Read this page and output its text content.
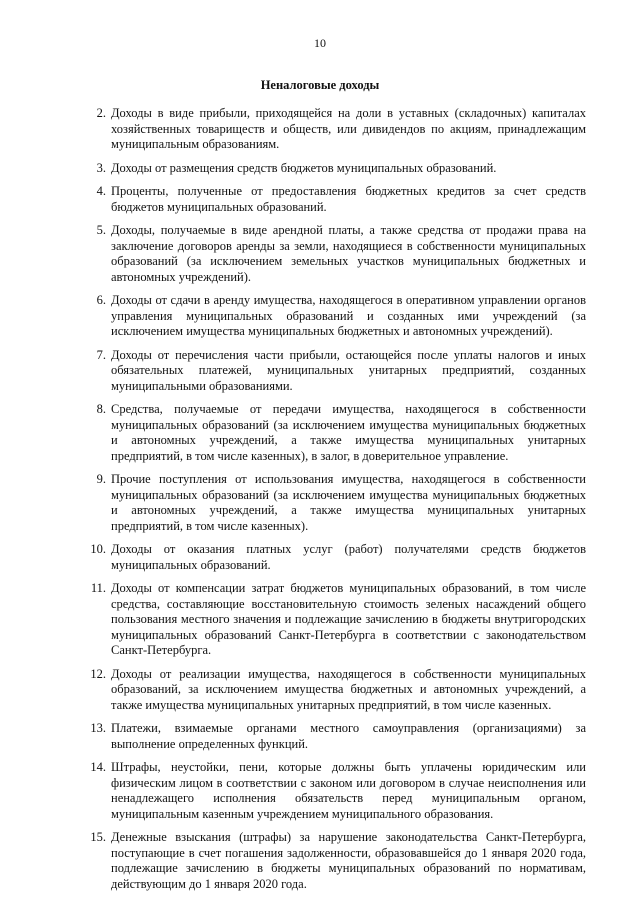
10
Неналоговые доходы
2. Доходы в виде прибыли, приходящейся на доли в уставных (складочных) капиталах хозяйственных товариществ и обществ, или дивидендов по акциям, принадлежащим муниципальным образованиям.
3. Доходы от размещения средств бюджетов муниципальных образований.
4. Проценты, полученные от предоставления бюджетных кредитов за счет средств бюджетов муниципальных образований.
5. Доходы, получаемые в виде арендной платы, а также средства от продажи права на заключение договоров аренды за земли, находящиеся в собственности муниципальных образований (за исключением земельных участков муниципальных бюджетных и автономных учреждений).
6. Доходы от сдачи в аренду имущества, находящегося в оперативном управлении органов управления муниципальных образований и созданных ими учреждений (за исключением имущества муниципальных бюджетных и автономных учреждений).
7. Доходы от перечисления части прибыли, остающейся после уплаты налогов и иных обязательных платежей, муниципальных унитарных предприятий, созданных муниципальными образованиями.
8. Средства, получаемые от передачи имущества, находящегося в собственности муниципальных образований (за исключением имущества муниципальных бюджетных и автономных учреждений, а также имущества муниципальных унитарных предприятий, в том числе казенных), в залог, в доверительное управление.
9. Прочие поступления от использования имущества, находящегося в собственности муниципальных образований (за исключением имущества муниципальных бюджетных и автономных учреждений, а также имущества муниципальных унитарных предприятий, в том числе казенных).
10. Доходы от оказания платных услуг (работ) получателями средств бюджетов муниципальных образований.
11. Доходы от компенсации затрат бюджетов муниципальных образований, в том числе средства, составляющие восстановительную стоимость зеленых насаждений общего пользования местного значения и подлежащие зачислению в бюджеты внутригородских муниципальных образований Санкт-Петербурга в соответствии с законодательством Санкт-Петербурга.
12. Доходы от реализации имущества, находящегося в собственности муниципальных образований, за исключением имущества бюджетных и автономных учреждений, а также имущества муниципальных унитарных предприятий, в том числе казенных.
13. Платежи, взимаемые органами местного самоуправления (организациями) за выполнение определенных функций.
14. Штрафы, неустойки, пени, которые должны быть уплачены юридическим или физическим лицом в соответствии с законом или договором в случае неисполнения или ненадлежащего исполнения обязательств перед муниципальным органом, муниципальным казенным учреждением муниципального образования.
15. Денежные взыскания (штрафы) за нарушение законодательства Санкт-Петербурга, поступающие в счет погашения задолженности, образовавшейся до 1 января 2020 года, подлежащие зачислению в бюджеты муниципальных образований по нормативам, действующим до 1 января 2020 года.
